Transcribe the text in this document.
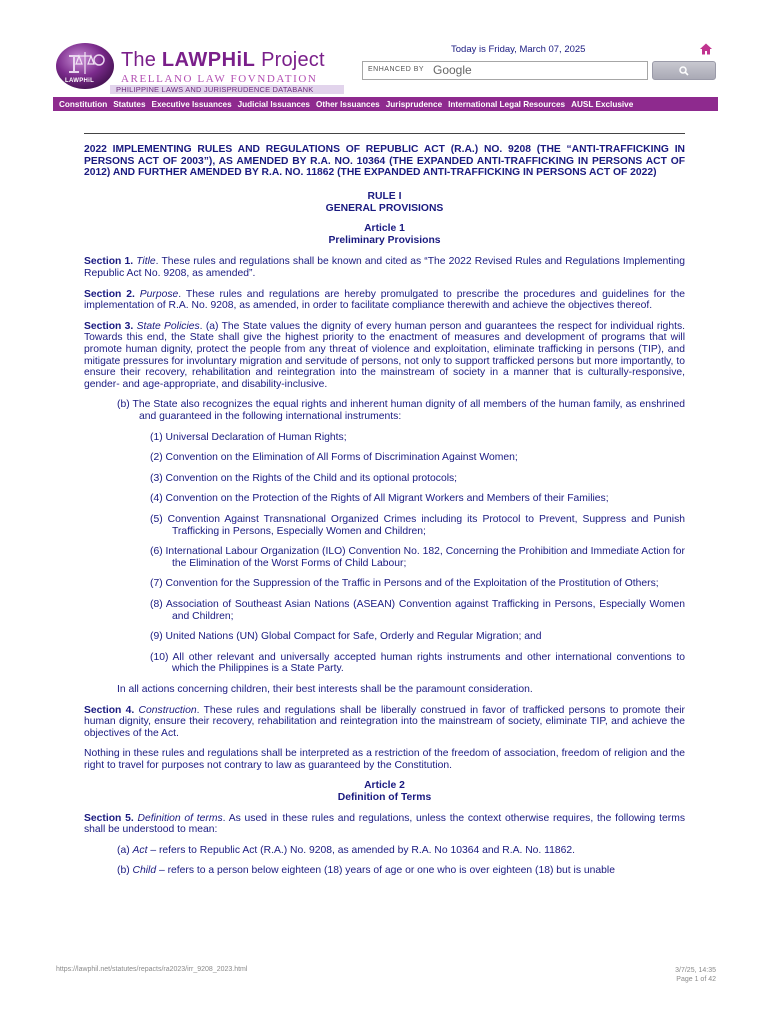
LAWPHiL
The LAWPHiL Project
ARELLANO LAW FOVNDATION
PHILIPPINE LAWS AND JURISPRUDENCE DATABANK
Today is Friday, March 07, 2025
ENHANCED BY Google
Constitution Statutes Executive Issuances Judicial Issuances Other Issuances Jurisprudence International Legal Resources AUSL Exclusive

2022 IMPLEMENTING RULES AND REGULATIONS OF REPUBLIC ACT (R.A.) NO. 9208 (THE “ANTI-TRAFFICKING IN PERSONS ACT OF 2003”), AS AMENDED BY R.A. NO. 10364 (THE EXPANDED ANTI-TRAFFICKING IN PERSONS ACT OF 2012) AND FURTHER AMENDED BY R.A. NO. 11862 (THE EXPANDED ANTI-TRAFFICKING IN PERSONS ACT OF 2022)

RULE I

GENERAL PROVISIONS

Article 1

Preliminary Provisions

Section 1. Title. These rules and regulations shall be known and cited as “The 2022 Revised Rules and Regulations Implementing Republic Act No. 9208, as amended”.

Section 2. Purpose. These rules and regulations are hereby promulgated to prescribe the procedures and guidelines for the implementation of R.A. No. 9208, as amended, in order to facilitate compliance therewith and achieve the objectives thereof.

Section 3. State Policies. (a) The State values the dignity of every human person and guarantees the respect for individual rights. Towards this end, the State shall give the highest priority to the enactment of measures and development of programs that will promote human dignity, protect the people from any threat of violence and exploitation, eliminate trafficking in persons (TIP), and mitigate pressures for involuntary migration and servitude of persons, not only to support trafficked persons but more importantly, to ensure their recovery, rehabilitation and reintegration into the mainstream of society in a manner that is culturally-responsive, gender- and age-appropriate, and disability-inclusive.

(b) The State also recognizes the equal rights and inherent human dignity of all members of the human family, as enshrined and guaranteed in the following international instruments:

(1) Universal Declaration of Human Rights;

(2) Convention on the Elimination of All Forms of Discrimination Against Women;

(3) Convention on the Rights of the Child and its optional protocols;

(4) Convention on the Protection of the Rights of All Migrant Workers and Members of their Families;

(5) Convention Against Transnational Organized Crimes including its Protocol to Prevent, Suppress and Punish Trafficking in Persons, Especially Women and Children;

(6) International Labour Organization (ILO) Convention No. 182, Concerning the Prohibition and Immediate Action for the Elimination of the Worst Forms of Child Labour;

(7) Convention for the Suppression of the Traffic in Persons and of the Exploitation of the Prostitution of Others;

(8) Association of Southeast Asian Nations (ASEAN) Convention against Trafficking in Persons, Especially Women and Children;

(9) United Nations (UN) Global Compact for Safe, Orderly and Regular Migration; and

(10) All other relevant and universally accepted human rights instruments and other international conventions to which the Philippines is a State Party.

In all actions concerning children, their best interests shall be the paramount consideration.

Section 4. Construction. These rules and regulations shall be liberally construed in favor of trafficked persons to promote their human dignity, ensure their recovery, rehabilitation and reintegration into the mainstream of society, eliminate TIP, and achieve the objectives of the Act.

Nothing in these rules and regulations shall be interpreted as a restriction of the freedom of association, freedom of religion and the right to travel for purposes not contrary to law as guaranteed by the Constitution.

Article 2

Definition of Terms

Section 5. Definition of terms. As used in these rules and regulations, unless the context otherwise requires, the following terms shall be understood to mean:

(a) Act – refers to Republic Act (R.A.) No. 9208, as amended by R.A. No 10364 and R.A. No. 11862.

(b) Child – refers to a person below eighteen (18) years of age or one who is over eighteen (18) but is unable

https://lawphil.net/statutes/repacts/ra2023/irr_9208_2023.html	3/7/25, 14:35
Page 1 of 42
